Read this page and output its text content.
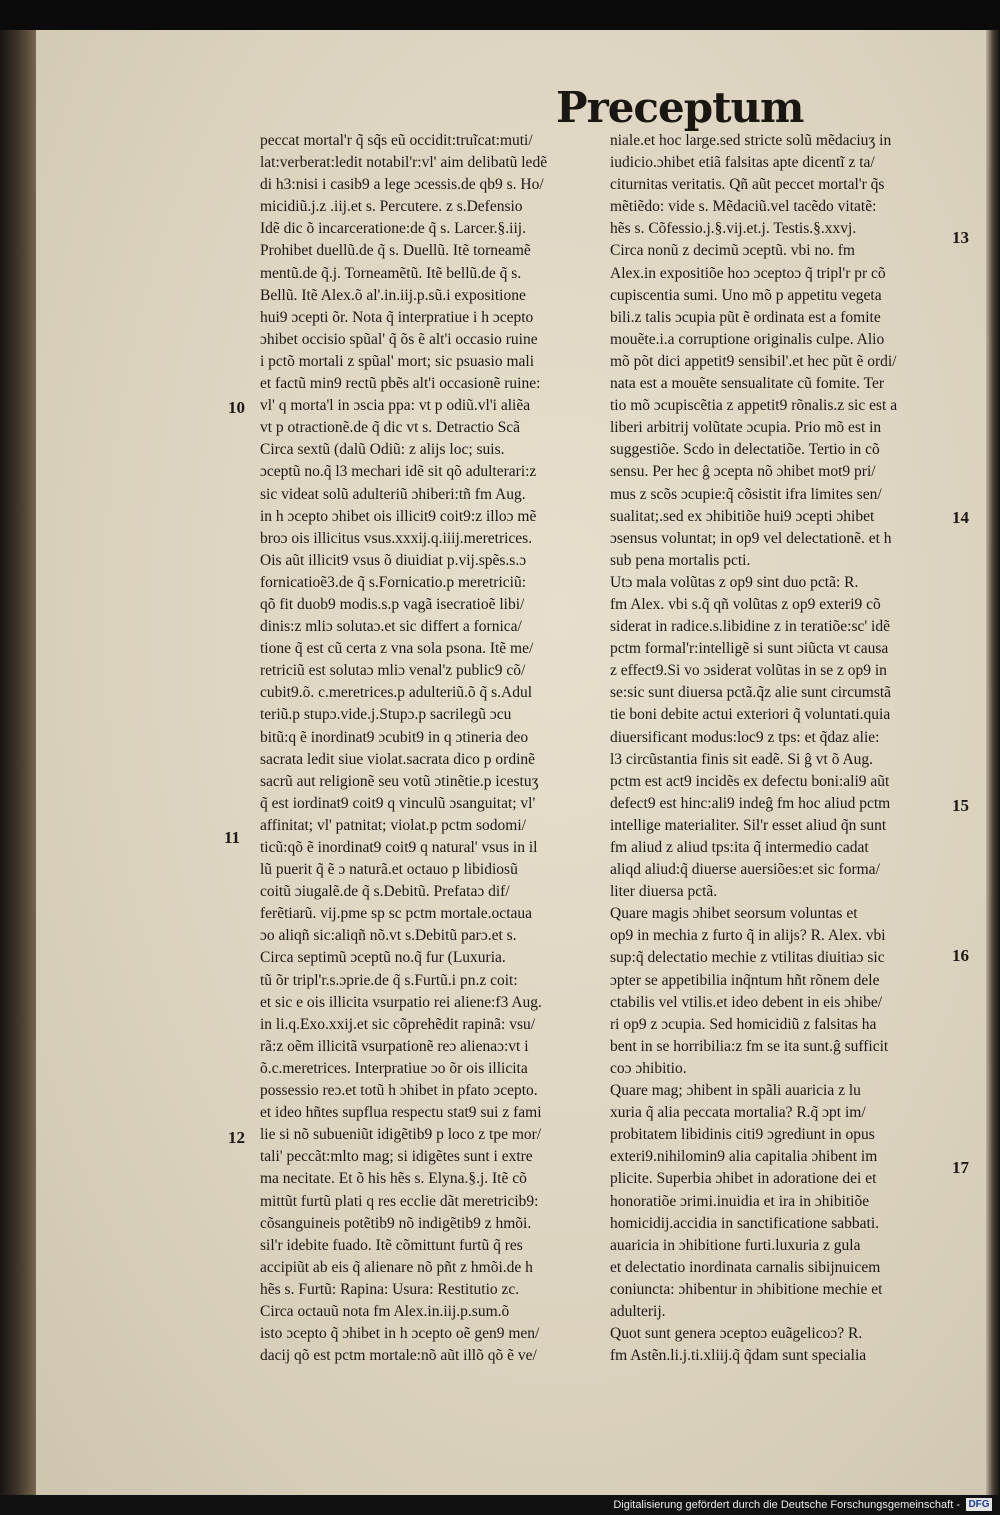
Preceptum
peccat mortal'r q̃ sq̃s eũ occidit:truĩcat:muti/
lat:verberat:ledit notabil'r:vl' aim delibatũ ledẽ
di h3:nisi i casib9 a lege ɔcessis.de qb9 s. Ho/
micidiũ.j.z .iij.et s. Percutere. z s.Defensio
Idẽ dic õ incarceratione:de q̃ s. Larcer.§.iij.
Prohibet duellũ.de q̃ s. Duellũ. Itẽ torneamẽ
mentũ.de q̃.j. Torneamẽtũ. Itẽ bellũ.de q̃ s.
Bellũ. Itẽ Alex.õ al'.in.iij.p.sũ.i expositione
hui9 ɔcepti õr. Nota q̃ interpratiue i h ɔcepto
ɔhibet occisio spũal' q̃ õs ẽ alt'i occasio ruine
i pctõ mortali z spũal' mort; sic psuasio mali
et factũ min9 rectũ pbẽs alt'i occasionẽ ruine:
vl' q morta'l in ɔscia ppa: vt p odiũ.vl'i aliẽa
vt p otractionẽ.de q̃ dic vt s. Detractio Scã
Circa sextũ (dalũ Odiũ: z alijs loc; suis.
ɔceptũ no.q̃ l3 mechari idẽ sit qõ adulterari:z
sic videat solũ adulteriũ ɔhiberi:tñ fm Aug.
in h ɔcepto ɔhibet ois illicit9 coit9:z illoɔ mẽ
broɔ ois illicitus vsus.xxxij.q.iiij.meretrices.
Ois aũt illicit9 vsus õ diuidiat p.vij.spẽs.s.ɔ
fornicatioẽ3.de q̃ s.Fornicatio.p meretriciũ:
qõ fit duob9 modis.s.p vagã isecratioẽ libi/
dinis:z mliɔ solutaɔ.et sic differt a fornica/
tione q̃ est cũ certa z vna sola psona. Itẽ me/
retriciũ est solutaɔ mliɔ venal'z public9 cõ/
cubit9.õ. c.meretrices.p adulteriũ.õ q̃ s.Adul
teriũ.p stupɔ.vide.j.Stupɔ.p sacrilegũ ɔcu
bitũ:q ẽ inordinat9 ɔcubit9 in q ɔtineria deo
sacrata ledit siue violat.sacrata dico p ordinẽ
sacrũ aut religionẽ seu votũ ɔtinẽtie.p icestuʒ
q̃ est iordinat9 coit9 q vinculũ ɔsanguitat; vl'
affinitat; vl' patnitat; violat.p pctm sodomi/
ticũ:qõ ẽ inordinat9 coit9 q natural' vsus in il
lũ puerit q̃ ẽ ɔ naturã.et octauo p libidiosũ
coitũ ɔiugalẽ.de q̃ s.Debitũ. Prefataɔ dif/
ferẽtiarũ. vij.pme sp sc pctm mortale.octaua
ɔo aliqñ sic:aliqñ nõ.vt s.Debitũ parɔ.et s.
Circa septimũ ɔceptũ no.q̃ fur (Luxuria.
tũ õr tripl'r.s.ɔprie.de q̃ s.Furtũ.i pn.z coit:
et sic e ois illicita vsurpatio rei aliene:f3 Aug.
in li.q.Exo.xxij.et sic cõprehẽdit rapinã: vsu/
rã:z oẽm illicitã vsurpationẽ reɔ alienaɔ:vt i
õ.c.meretrices. Interpratiue ɔo õr ois illicita
possessio reɔ.et totũ h ɔhibet in pfato ɔcepto.
et ideo hñtes supflua respectu stat9 sui z fami
lie si nõ subueniũt idigẽtib9 p loco z tpe mor/
tali' peccãt:mlto mag; si idigẽtes sunt i extre
ma necitate. Et õ his hẽs s. Elyna.§.j. Itẽ cõ
mittũt furtũ plati q res ecclie dãt meretricib9:
cõsanguineis potẽtib9 nõ indigẽtib9 z hmõi.
sil'r idebite fuado. Itẽ cõmittunt furtũ q̃ res
accipiũt ab eis q̃ alienare nõ pñt z hmõi.de h
hẽs s. Furtũ: Rapina: Usura: Restitutio zc.
Circa octauũ nota fm Alex.in.iij.p.sum.õ
isto ɔcepto q̃ ɔhibet in h ɔcepto oẽ gen9 men/
dacij qõ est pctm mortale:nõ aũt illõ qõ ẽ ve/
niale.et hoc large.sed stricte solũ mẽdaciuʒ in
iudicio.ɔhibet etiã falsitas apte dicentĩ z ta/
citurnitas veritatis. Qñ aũt peccet mortal'r q̃s
mẽtiẽdo: vide s. Mẽdaciũ.vel tacẽdo vitatẽ:
hẽs s. Cõfessio.j.§.vij.et.j. Testis.§.xxvj.
Circa nonũ z decimũ ɔceptũ. vbi no. fm
Alex.in expositiõe hoɔ ɔceptoɔ q̃ tripl'r pr cõ
cupiscentia sumi. Uno mõ p appetitu vegeta
bili.z talis ɔcupia pũt ẽ ordinata est a fomite
mouẽte.i.a corruptione originalis culpe. Alio
mõ põt dici appetit9 sensibil'.et hec pũt ẽ ordi/
nata est a mouẽte sensualitate cũ fomite. Ter
tio mõ ɔcupiscẽtia z appetit9 rõnalis.z sic est a
liberi arbitrij volũtate ɔcupia. Prio mõ est in
suggestiõe. Scdo in delectatiõe. Tertio in cõ
sensu. Per hec ĝ ɔcepta nõ ɔhibet mot9 pri/
mus z scõs ɔcupie:q̃ cõsistit ifra limites sen/
sualitat;.sed ex ɔhibitiõe hui9 ɔcepti ɔhibet
ɔsensus voluntat; in op9 vel delectationẽ. et h
sub pena mortalis pcti.
Utɔ mala volũtas z op9 sint duo pctã: R.
fm Alex. vbi s.q̃ qñ volũtas z op9 exteri9 cõ
siderat in radice.s.libidine z in teratiõe:sc' idẽ
pctm formal'r:intelligẽ si sunt ɔiũcta vt causa
z effect9.Si vo ɔsiderat volũtas in se z op9 in
se:sic sunt diuersa pctã.q̃z alie sunt circumstã
tie boni debite actui exteriori q̃ voluntati.quia
diuersificant modus:loc9 z tps: et q̃daz alie:
l3 circũstantia finis sit eadẽ. Si ĝ vt õ Aug.
pctm est act9 incidẽs ex defectu boni:ali9 aũt
defect9 est hinc:ali9 indeĝ fm hoc aliud pctm
intellige materialiter. Sil'r esset aliud q̃n sunt
fm aliud z aliud tps:ita q̃ intermedio cadat
aliqd aliud:q̃ diuerse auersiões:et sic forma/
liter diuersa pctã.
Quare magis ɔhibet seorsum voluntas et
op9 in mechia z furto q̃ in alijs? R. Alex. vbi
sup:q̃ delectatio mechie z vtilitas diuitiaɔ sic
ɔpter se appetibilia inq̃ntum hñt rõnem dele
ctabilis vel vtilis.et ideo debent in eis ɔhibe/
ri op9 z ɔcupia. Sed homicidiũ z falsitas ha
bent in se horribilia:z fm se ita sunt.ĝ sufficit
coɔ ɔhibitio.
Quare mag; ɔhibent in spãli auaricia z lu
xuria q̃ alia peccata mortalia? R.q̃ ɔpt im/
probitatem libidinis citi9 ɔgrediunt in opus
exteri9.nihilomin9 alia capitalia ɔhibent im
plicite. Superbia ɔhibet in adoratione dei et
honoratiõe ɔrimi.inuidia et ira in ɔhibitiõe
homicidij.accidia in sanctificatione sabbati.
auaricia in ɔhibitione furti.luxuria z gula
et delectatio inordinata carnalis sibijnuicem
coniuncta: ɔhibentur in ɔhibitione mechie et
adulterij.
Quot sunt genera ɔceptoɔ euãgelicoɔ? R.
fm Astẽn.li.j.ti.xliij.q̃ q̃dam sunt specialia
10
11
12
13
14
15
16
17
Digitalisierung gefördert durch die Deutsche Forschungsgemeinschaft - DFG
